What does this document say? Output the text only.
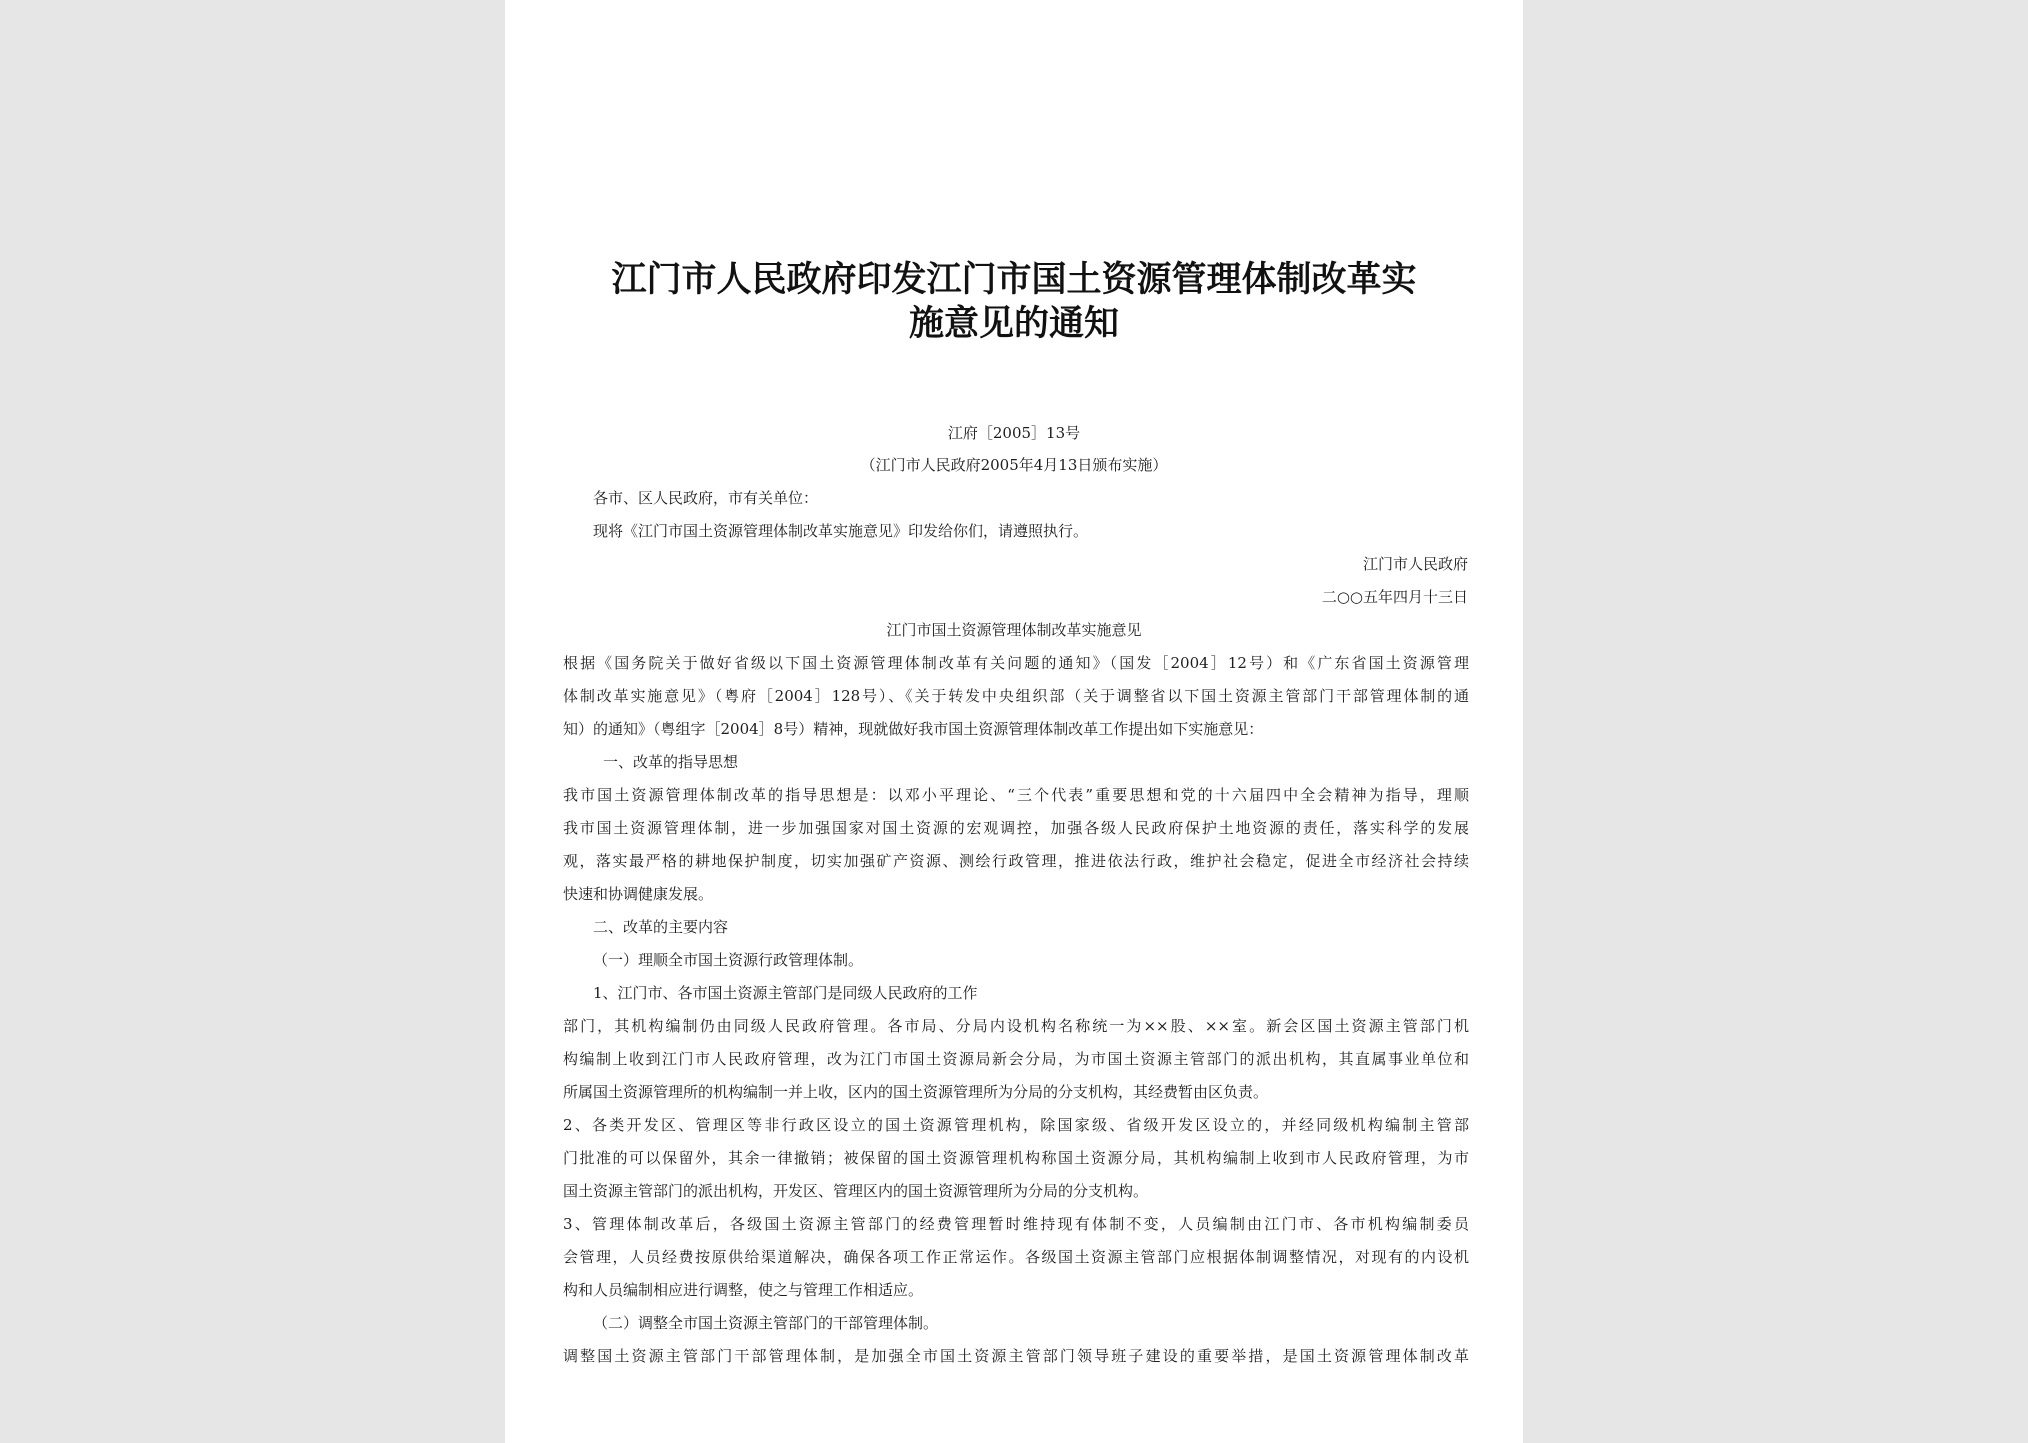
江门市人民政府印发江门市国土资源管理体制改革实
施意见的通知
江府［2005］13号
（江门市人民政府2005年4月13日颁布实施）
各市、区人民政府，市有关单位：
现将《江门市国土资源管理体制改革实施意见》印发给你们，请遵照执行。
江门市人民政府
二○○五年四月十三日
江门市国土资源管理体制改革实施意见
根据《国务院关于做好省级以下国土资源管理体制改革有关问题的通知》（国发［2004］12号）和《广东省国土资源管理
体制改革实施意见》（粤府［2004］128号）、《关于转发中央组织部（关于调整省以下国土资源主管部门干部管理体制的通
知）的通知》（粤组字［2004］8号）精神，现就做好我市国土资源管理体制改革工作提出如下实施意见：
一、改革的指导思想
我市国土资源管理体制改革的指导思想是：以邓小平理论、“三个代表”重要思想和党的十六届四中全会精神为指导，理顺
我市国土资源管理体制，进一步加强国家对国土资源的宏观调控，加强各级人民政府保护土地资源的责任，落实科学的发展
观，落实最严格的耕地保护制度，切实加强矿产资源、测绘行政管理，推进依法行政，维护社会稳定，促进全市经济社会持续
快速和协调健康发展。
二、改革的主要内容
（一）理顺全市国土资源行政管理体制。
1、江门市、各市国土资源主管部门是同级人民政府的工作
部门，其机构编制仍由同级人民政府管理。各市局、分局内设机构名称统一为××股、××室。新会区国土资源主管部门机
构编制上收到江门市人民政府管理，改为江门市国土资源局新会分局，为市国土资源主管部门的派出机构，其直属事业单位和
所属国土资源管理所的机构编制一并上收，区内的国土资源管理所为分局的分支机构，其经费暂由区负责。
2、各类开发区、管理区等非行政区设立的国土资源管理机构，除国家级、省级开发区设立的，并经同级机构编制主管部
门批准的可以保留外，其余一律撤销；被保留的国土资源管理机构称国土资源分局，其机构编制上收到市人民政府管理，为市
国土资源主管部门的派出机构，开发区、管理区内的国土资源管理所为分局的分支机构。
3、管理体制改革后，各级国土资源主管部门的经费管理暂时维持现有体制不变，人员编制由江门市、各市机构编制委员
会管理，人员经费按原供给渠道解决，确保各项工作正常运作。各级国土资源主管部门应根据体制调整情况，对现有的内设机
构和人员编制相应进行调整，使之与管理工作相适应。
（二）调整全市国土资源主管部门的干部管理体制。
调整国土资源主管部门干部管理体制，是加强全市国土资源主管部门领导班子建设的重要举措，是国土资源管理体制改革
